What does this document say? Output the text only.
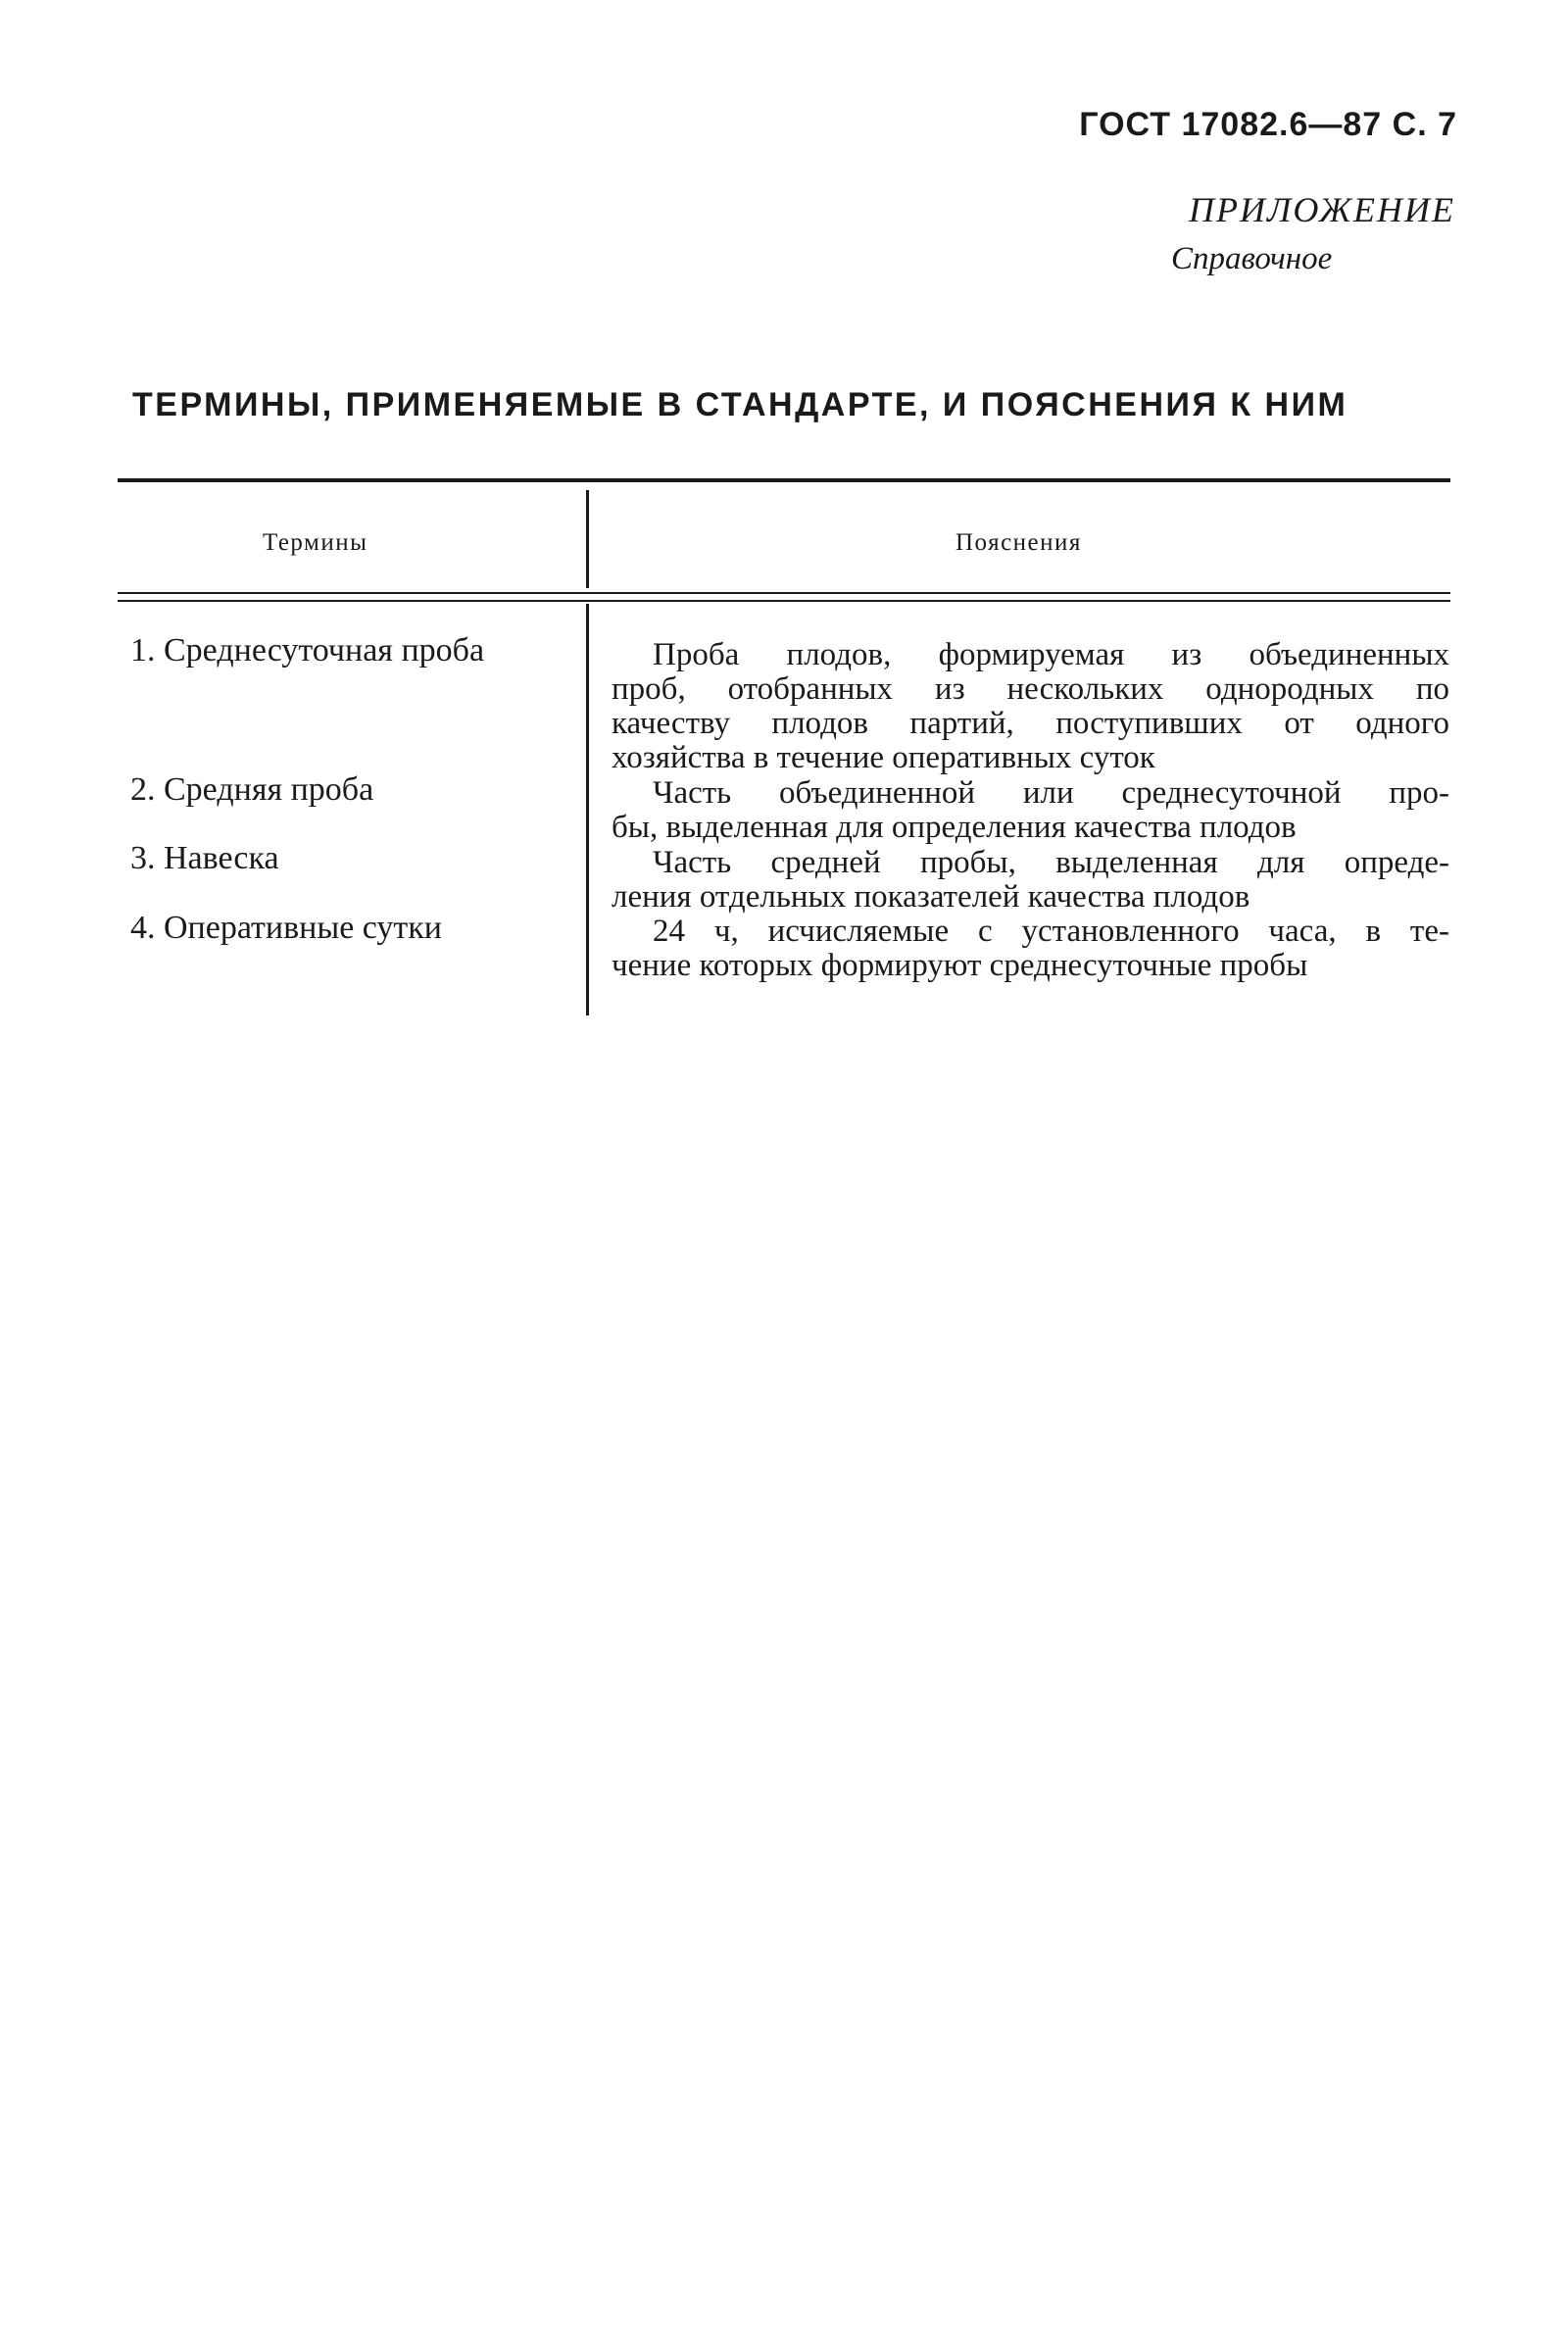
ГОСТ 17082.6—87 С. 7
ПРИЛОЖЕНИЕ
Справочное
ТЕРМИНЫ, ПРИМЕНЯЕМЫЕ В СТАНДАРТЕ, И ПОЯСНЕНИЯ К НИМ
Термины	Пояснения
1. Среднесуточная проба	Проба плодов, формируемая из объединенных
проб, отобранных из нескольких однородных по
качеству плодов партий, поступивших от одного
хозяйства в течение оперативных суток
2. Средняя проба	Часть объединенной или среднесуточной про-
бы, выделенная для определения качества плодов
3. Навеска	Часть средней пробы, выделенная для опреде-
ления отдельных показателей качества плодов
4. Оперативные сутки	24 ч, исчисляемые с установленного часа, в те-
чение которых формируют среднесуточные пробы
